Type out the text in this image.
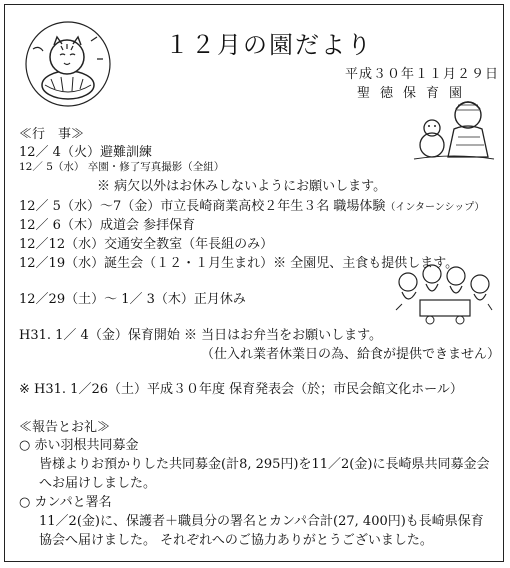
１２月の園だより
平成３０年１１月２９日
聖徳保育園
≪行　事≫
12／ 4（火）避難訓練
12／ 5（水） 卒園・修了写真撮影（全組）
※ 病欠以外はお休みしないようにお願いします。
12／ 5（水）～7（金）市立長崎商業高校２年生３名 職場体験（インターンシップ）
12／ 6（木）成道会 参拝保育
12／12（水）交通安全教室（年長組のみ）
12／19（水）誕生会（１２・１月生まれ）※ 全園児、主食も提供します。
12／29（土）～ 1／ 3（木）正月休み
H31. 1／ 4（金）保育開始 ※ 当日はお弁当をお願いします。
（仕入れ業者休業日の為、給食が提供できません）
※ H31. 1／26（土）平成３０年度 保育発表会（於；市民会館文化ホール）
≪報告とお礼≫
○ 赤い羽根共同募金
皆様よりお預かりした共同募金(計8, 295円)を11／2(金)に長崎県共同募金会
へお届けしました。
○ カンパと署名
11／2(金)に、保護者＋職員分の署名とカンパ合計(27, 400円)も長崎県保育
協会へ届けました。 それぞれへのご協力ありがとうございました。
